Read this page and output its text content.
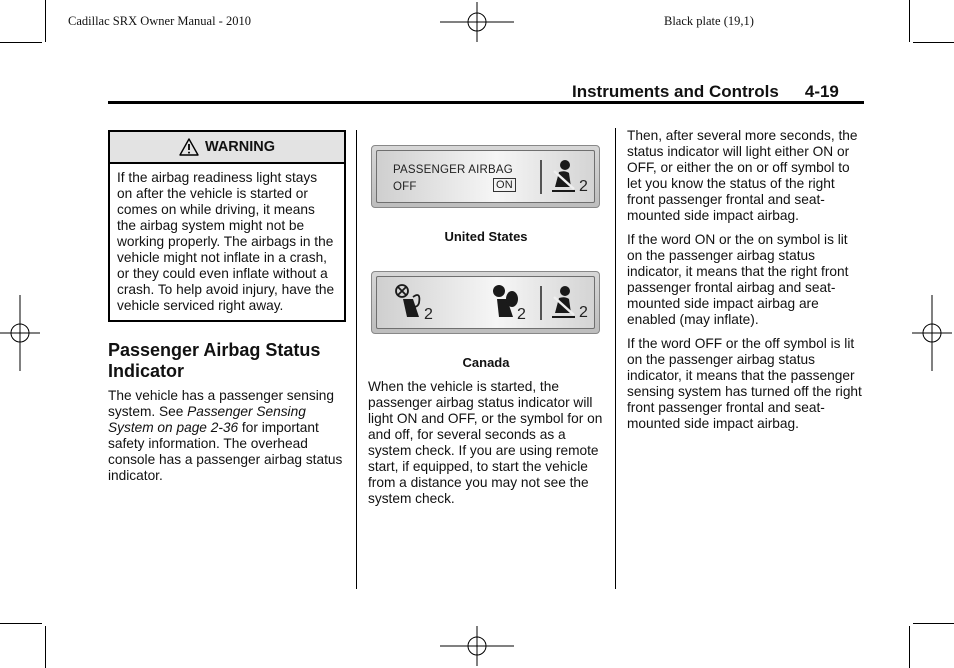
Cadillac SRX Owner Manual - 2010	Black plate (19,1)
Instruments and Controls 4-19
WARNING
If the airbag readiness light stays on after the vehicle is started or comes on while driving, it means the airbag system might not be working properly. The airbags in the vehicle might not inflate in a crash, or they could even inflate without a crash. To help avoid injury, have the vehicle serviced right away.
Passenger Airbag Status Indicator

The vehicle has a passenger sensing system. See Passenger Sensing System on page 2-36 for important safety information. The overhead console has a passenger airbag status indicator.

PASSENGER AIRBAG
OFF	ON	2
United States
2	2	2
Canada

When the vehicle is started, the passenger airbag status indicator will light ON and OFF, or the symbol for on and off, for several seconds as a system check. If you are using remote start, if equipped, to start the vehicle from a distance you may not see the system check.

Then, after several more seconds, the status indicator will light either ON or OFF, or either the on or off symbol to let you know the status of the right front passenger frontal and seat-mounted side impact airbag.

If the word ON or the on symbol is lit on the passenger airbag status indicator, it means that the right front passenger frontal airbag and seat-mounted side impact airbag are enabled (may inflate).

If the word OFF or the off symbol is lit on the passenger airbag status indicator, it means that the passenger sensing system has turned off the right front passenger frontal and seat-mounted side impact airbag.
